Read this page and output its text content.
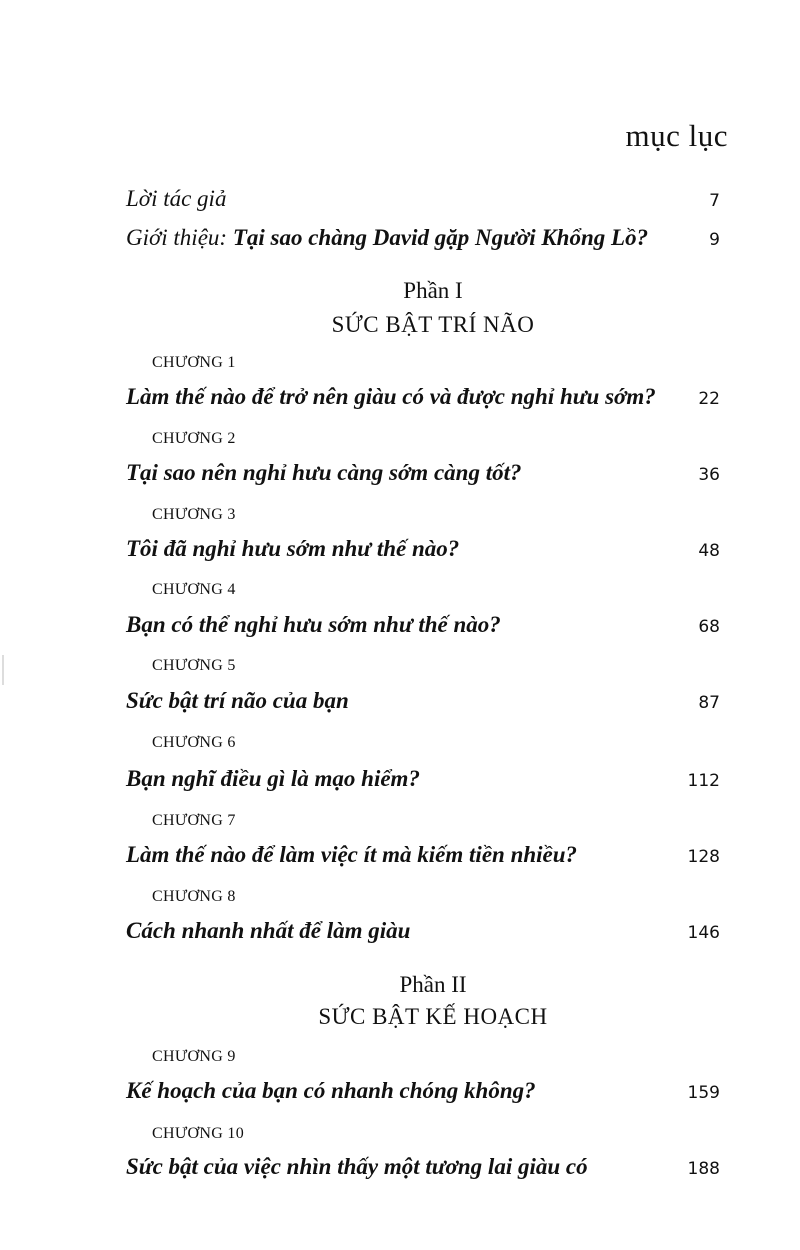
mục lục
Lời tác giả	7
Giới thiệu: Tại sao chàng David gặp Người Khổng Lồ?	9
Phần I
SỨC BẬT TRÍ NÃO
CHƯƠNG 1
Làm thế nào để trở nên giàu có và được nghỉ hưu sớm?	22
CHƯƠNG 2
Tại sao nên nghỉ hưu càng sớm càng tốt?	36
CHƯƠNG 3
Tôi đã nghỉ hưu sớm như thế nào?	48
CHƯƠNG 4
Bạn có thể nghỉ hưu sớm như thế nào?	68
CHƯƠNG 5
Sức bật trí não của bạn	87
CHƯƠNG 6
Bạn nghĩ điều gì là mạo hiểm?	112
CHƯƠNG 7
Làm thế nào để làm việc ít mà kiếm tiền nhiều?	128
CHƯƠNG 8
Cách nhanh nhất để làm giàu	146
Phần II
SỨC BẬT KẾ HOẠCH
CHƯƠNG 9
Kế hoạch của bạn có nhanh chóng không?	159
CHƯƠNG 10
Sức bật của việc nhìn thấy một tương lai giàu có	188
